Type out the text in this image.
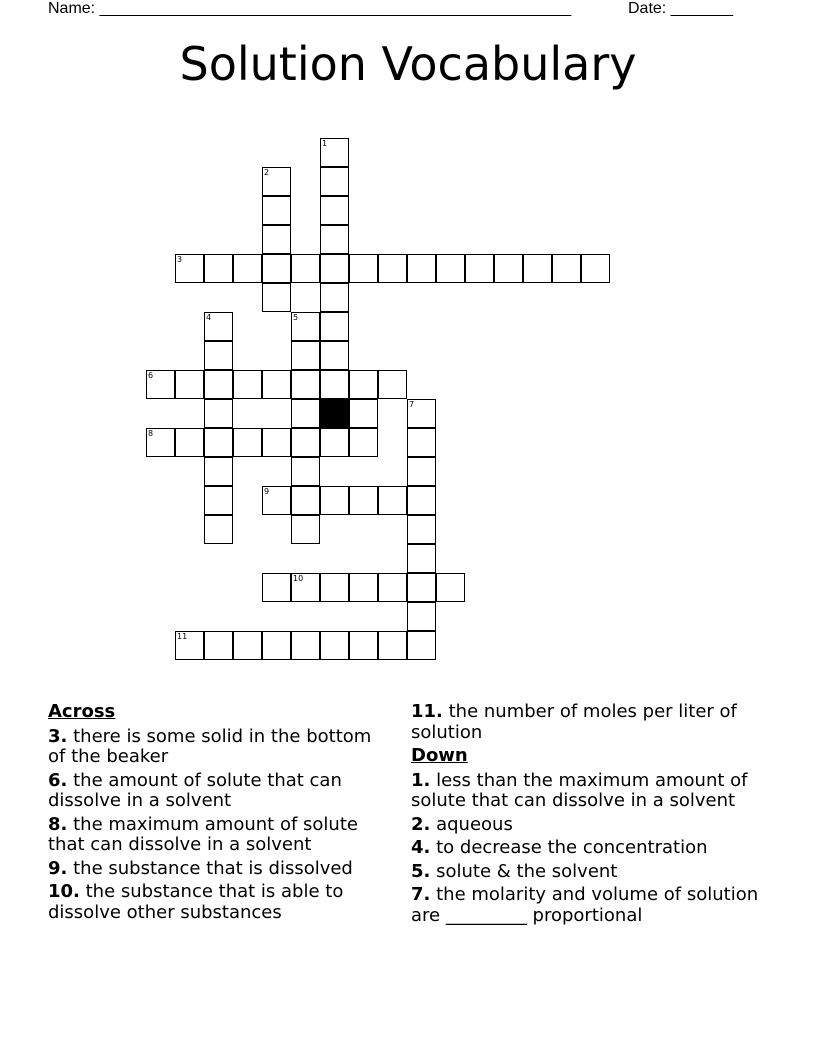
Name: _____________________________________________________	Date: _______
Solution Vocabulary
1
2
3
4	5
6
7
8
9
10
11
Across
3. there is some solid in the bottom of the beaker
6. the amount of solute that can dissolve in a solvent
8. the maximum amount of solute that can dissolve in a solvent
9. the substance that is dissolved
10. the substance that is able to dissolve other substances
11. the number of moles per liter of solution
Down
1. less than the maximum amount of solute that can dissolve in a solvent
2. aqueous
4. to decrease the concentration
5. solute & the solvent
7. the molarity and volume of solution are _________ proportional
